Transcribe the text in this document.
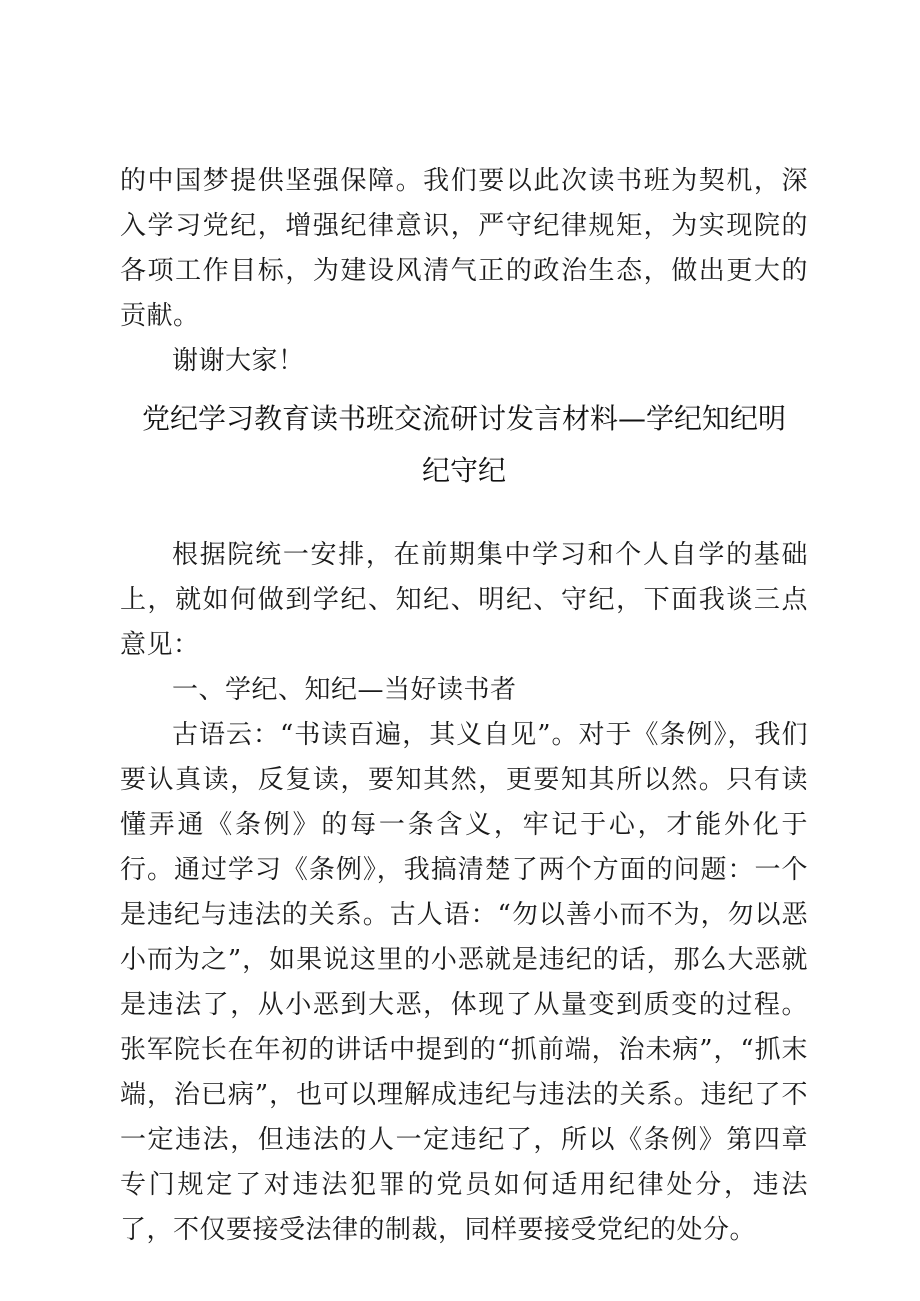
的中国梦提供坚强保障。我们要以此次读书班为契机，深入学习党纪，增强纪律意识，严守纪律规矩，为实现院的各项工作目标，为建设风清气正的政治生态，做出更大的贡献。

谢谢大家！

党纪学习教育读书班交流研讨发言材料—学纪知纪明
纪守纪

根据院统一安排，在前期集中学习和个人自学的基础上，就如何做到学纪、知纪、明纪、守纪，下面我谈三点意见：

一、学纪、知纪—当好读书者

古语云：“书读百遍，其义自见”。对于《条例》，我们要认真读，反复读，要知其然，更要知其所以然。只有读懂弄通《条例》的每一条含义，牢记于心，才能外化于行。通过学习《条例》，我搞清楚了两个方面的问题：一个是违纪与违法的关系。古人语：“勿以善小而不为，勿以恶小而为之”，如果说这里的小恶就是违纪的话，那么大恶就是违法了，从小恶到大恶，体现了从量变到质变的过程。张军院长在年初的讲话中提到的“抓前端，治未病”，“抓末端，治已病”，也可以理解成违纪与违法的关系。违纪了不一定违法，但违法的人一定违纪了，所以《条例》第四章专门规定了对违法犯罪的党员如何适用纪律处分，违法了，不仅要接受法律的制裁，同样要接受党纪的处分。
